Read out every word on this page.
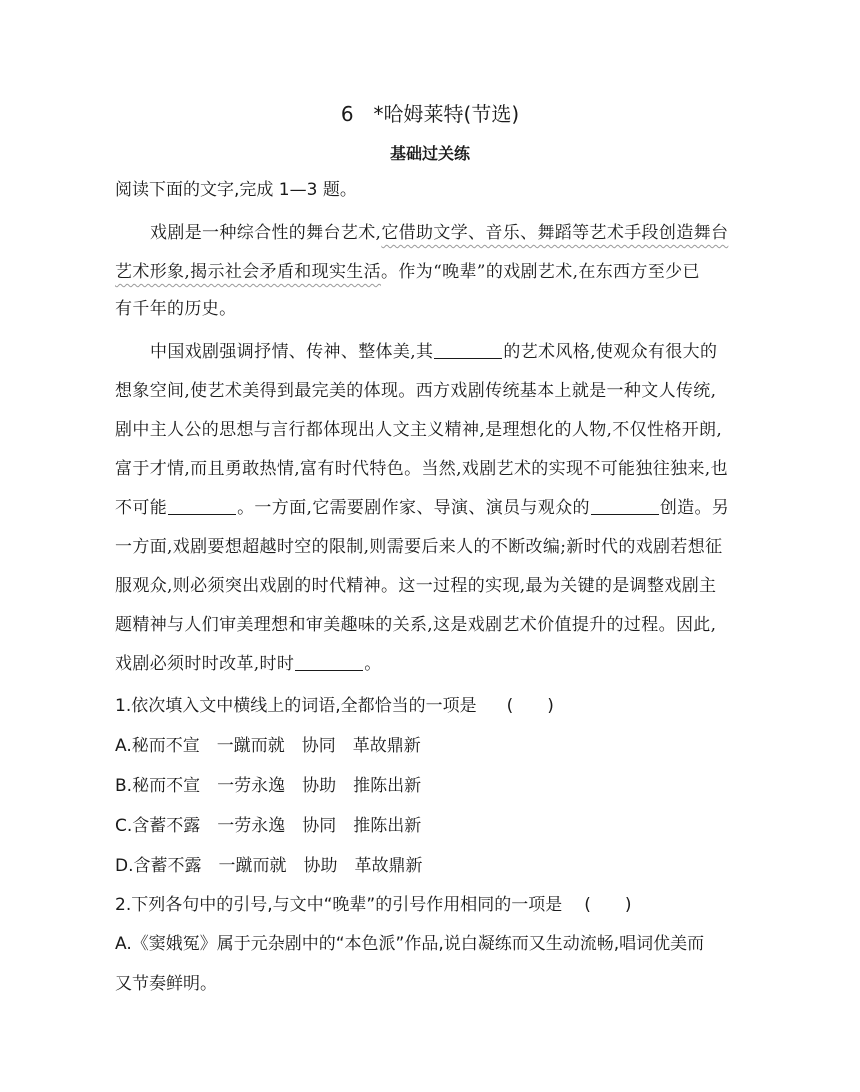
6　*哈姆莱特(节选)
基础过关练
阅读下面的文字,完成 1—3 题。
戏剧是一种综合性的舞台艺术,它借助文学、音乐、舞蹈等艺术手段创造舞台
艺术形象,揭示社会矛盾和现实生活。作为“晚辈”的戏剧艺术,在东西方至少已
有千年的历史。
中国戏剧强调抒情、传神、整体美,其	的艺术风格,使观众有很大的
想象空间,使艺术美得到最完美的体现。西方戏剧传统基本上就是一种文人传统,
剧中主人公的思想与言行都体现出人文主义精神,是理想化的人物,不仅性格开朗,
富于才情,而且勇敢热情,富有时代特色。当然,戏剧艺术的实现不可能独往独来,也
不可能	。一方面,它需要剧作家、导演、演员与观众的	创造。另
一方面,戏剧要想超越时空的限制,则需要后来人的不断改编;新时代的戏剧若想征
服观众,则必须突出戏剧的时代精神。这一过程的实现,最为关键的是调整戏剧主
题精神与人们审美理想和审美趣味的关系,这是戏剧艺术价值提升的过程。因此,
戏剧必须时时改革,时时	。
1.依次填入文中横线上的词语,全都恰当的一项是 (　　)
A.秘而不宣　一蹴而就　协同　革故鼎新
B.秘而不宣　一劳永逸　协助　推陈出新
C.含蓄不露　一劳永逸　协同　推陈出新
D.含蓄不露　一蹴而就　协助　革故鼎新
2.下列各句中的引号,与文中“晚辈”的引号作用相同的一项是 (　　)
A.《窦娥冤》属于元杂剧中的“本色派”作品,说白凝练而又生动流畅,唱词优美而
又节奏鲜明。
